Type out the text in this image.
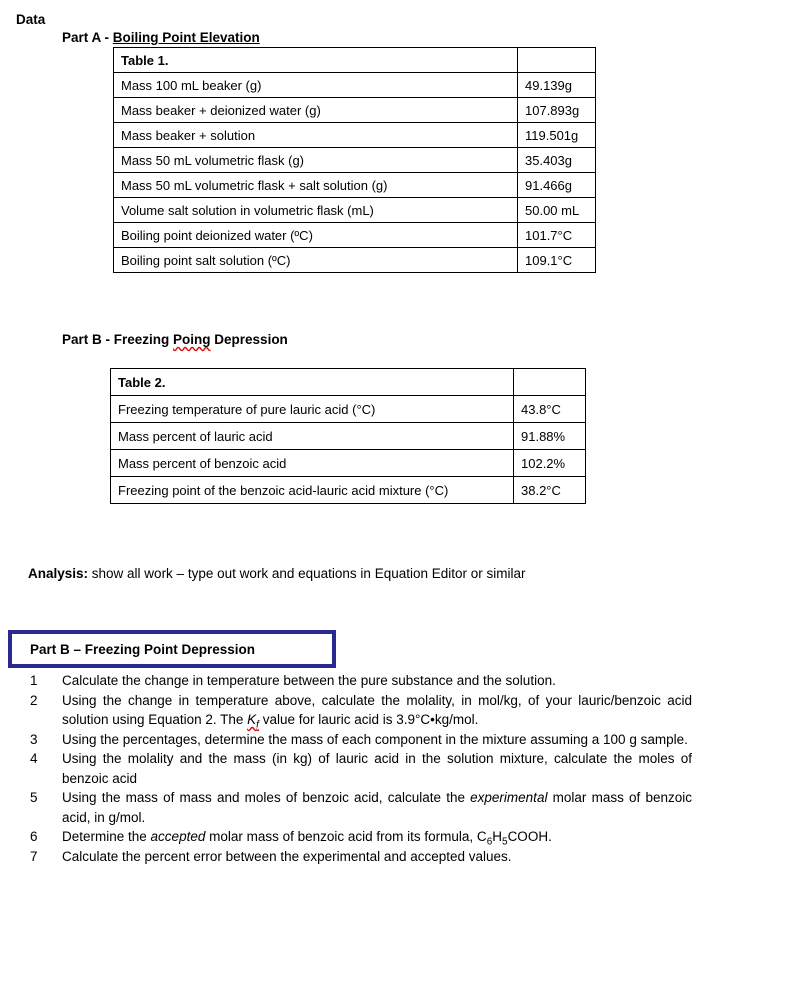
Data
Part A - Boiling Point Elevation
Table 1.	
Mass 100 mL beaker (g)	49.139g
Mass beaker + deionized water (g)	107.893g
Mass beaker + solution	119.501g
Mass 50 mL volumetric flask (g)	35.403g
Mass 50 mL volumetric flask + salt solution (g)	91.466g
Volume salt solution in volumetric flask (mL)	50.00 mL
Boiling point deionized water (ºC)	101.7°C
Boiling point salt solution (ºC)	109.1°C
Part B - Freezing Poing Depression
Table 2.	
Freezing temperature of pure lauric acid (°C)	43.8°C
Mass percent of lauric acid	91.88%
Mass percent of benzoic acid	102.2%
Freezing point of the benzoic acid-lauric acid mixture (°C)	38.2°C
Analysis: show all work – type out work and equations in Equation Editor or similar
Part B – Freezing Point Depression
1	Calculate the change in temperature between the pure substance and the solution.
2	Using the change in temperature above, calculate the molality, in mol/kg, of your lauric/benzoic acid solution using Equation 2. The $K_f$ value for lauric acid is 3.9°C•kg/mol.
3	Using the percentages, determine the mass of each component in the mixture assuming a 100 g sample.
4	Using the molality and the mass (in kg) of lauric acid in the solution mixture, calculate the moles of benzoic acid
5	Using the mass of mass and moles of benzoic acid, calculate the experimental molar mass of benzoic acid, in g/mol.
6	Determine the accepted molar mass of benzoic acid from its formula, $C_6H_5COOH$.
7	Calculate the percent error between the experimental and accepted values.
